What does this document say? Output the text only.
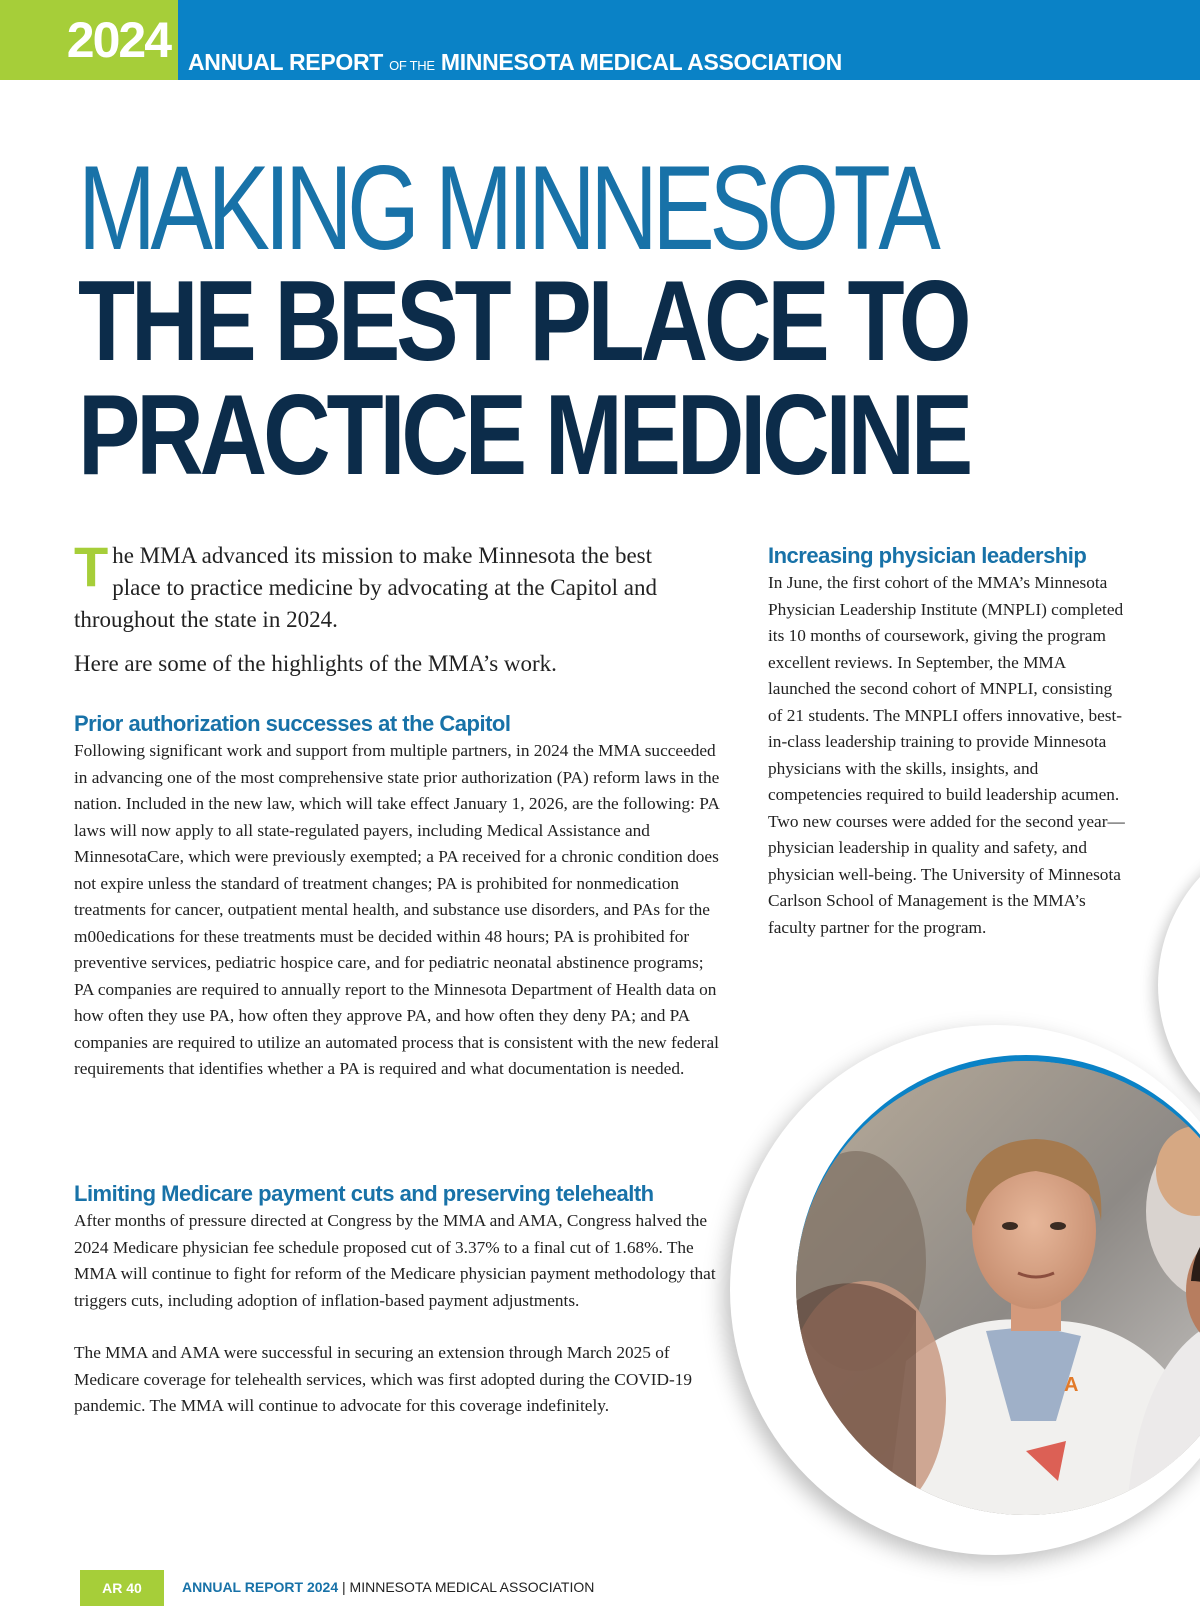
2024 ANNUAL REPORT OF THE MINNESOTA MEDICAL ASSOCIATION
MAKING MINNESOTA
THE BEST PLACE TO
PRACTICE MEDICINE

The MMA advanced its mission to make Minnesota the best place to practice medicine by advocating at the Capitol and throughout the state in 2024.

Here are some of the highlights of the MMA’s work.

Prior authorization successes at the Capitol

Following significant work and support from multiple partners, in 2024 the MMA succeeded in advancing one of the most comprehensive state prior authorization (PA) reform laws in the nation. Included in the new law, which will take effect January 1, 2026, are the following: PA laws will now apply to all state-regulated payers, including Medical Assistance and MinnesotaCare, which were previously exempted; a PA received for a chronic condition does not expire unless the standard of treatment changes; PA is prohibited for nonmedication treatments for cancer, outpatient mental health, and substance use disorders, and PAs for the m00edications for these treatments must be decided within 48 hours; PA is prohibited for preventive services, pediatric hospice care, and for pediatric neonatal abstinence programs; PA companies are required to annually report to the Minnesota Department of Health data on how often they use PA, how often they approve PA, and how often they deny PA; and PA companies are required to utilize an automated process that is consistent with the new federal requirements that identifies whether a PA is required and what documentation is needed.

Limiting Medicare payment cuts and preserving telehealth

After months of pressure directed at Congress by the MMA and AMA, Congress halved the 2024 Medicare physician fee schedule proposed cut of 3.37% to a final cut of 1.68%. The MMA will continue to fight for reform of the Medicare physician payment methodology that triggers cuts, including adoption of inflation-based payment adjustments.

The MMA and AMA were successful in securing an extension through March 2025 of Medicare coverage for telehealth services, which was first adopted during the COVID-19 pandemic. The MMA will continue to advocate for this coverage indefinitely.

Increasing physician leadership

In June, the first cohort of the MMA’s Minnesota Physician Leadership Institute (MNPLI) completed its 10 months of coursework, giving the program excellent reviews. In September, the MMA launched the second cohort of MNPLI, consisting of 21 students. The MNPLI offers innovative, best-in-class leadership training to provide Minnesota physicians with the skills, insights, and competencies required to build leadership acumen. Two new courses were added for the second year—physician leadership in quality and safety, and physician well-being. The University of Minnesota Carlson School of Management is the MMA’s faculty partner for the program.

A
AR 40	ANNUAL REPORT 2024 | MINNESOTA MEDICAL ASSOCIATION
